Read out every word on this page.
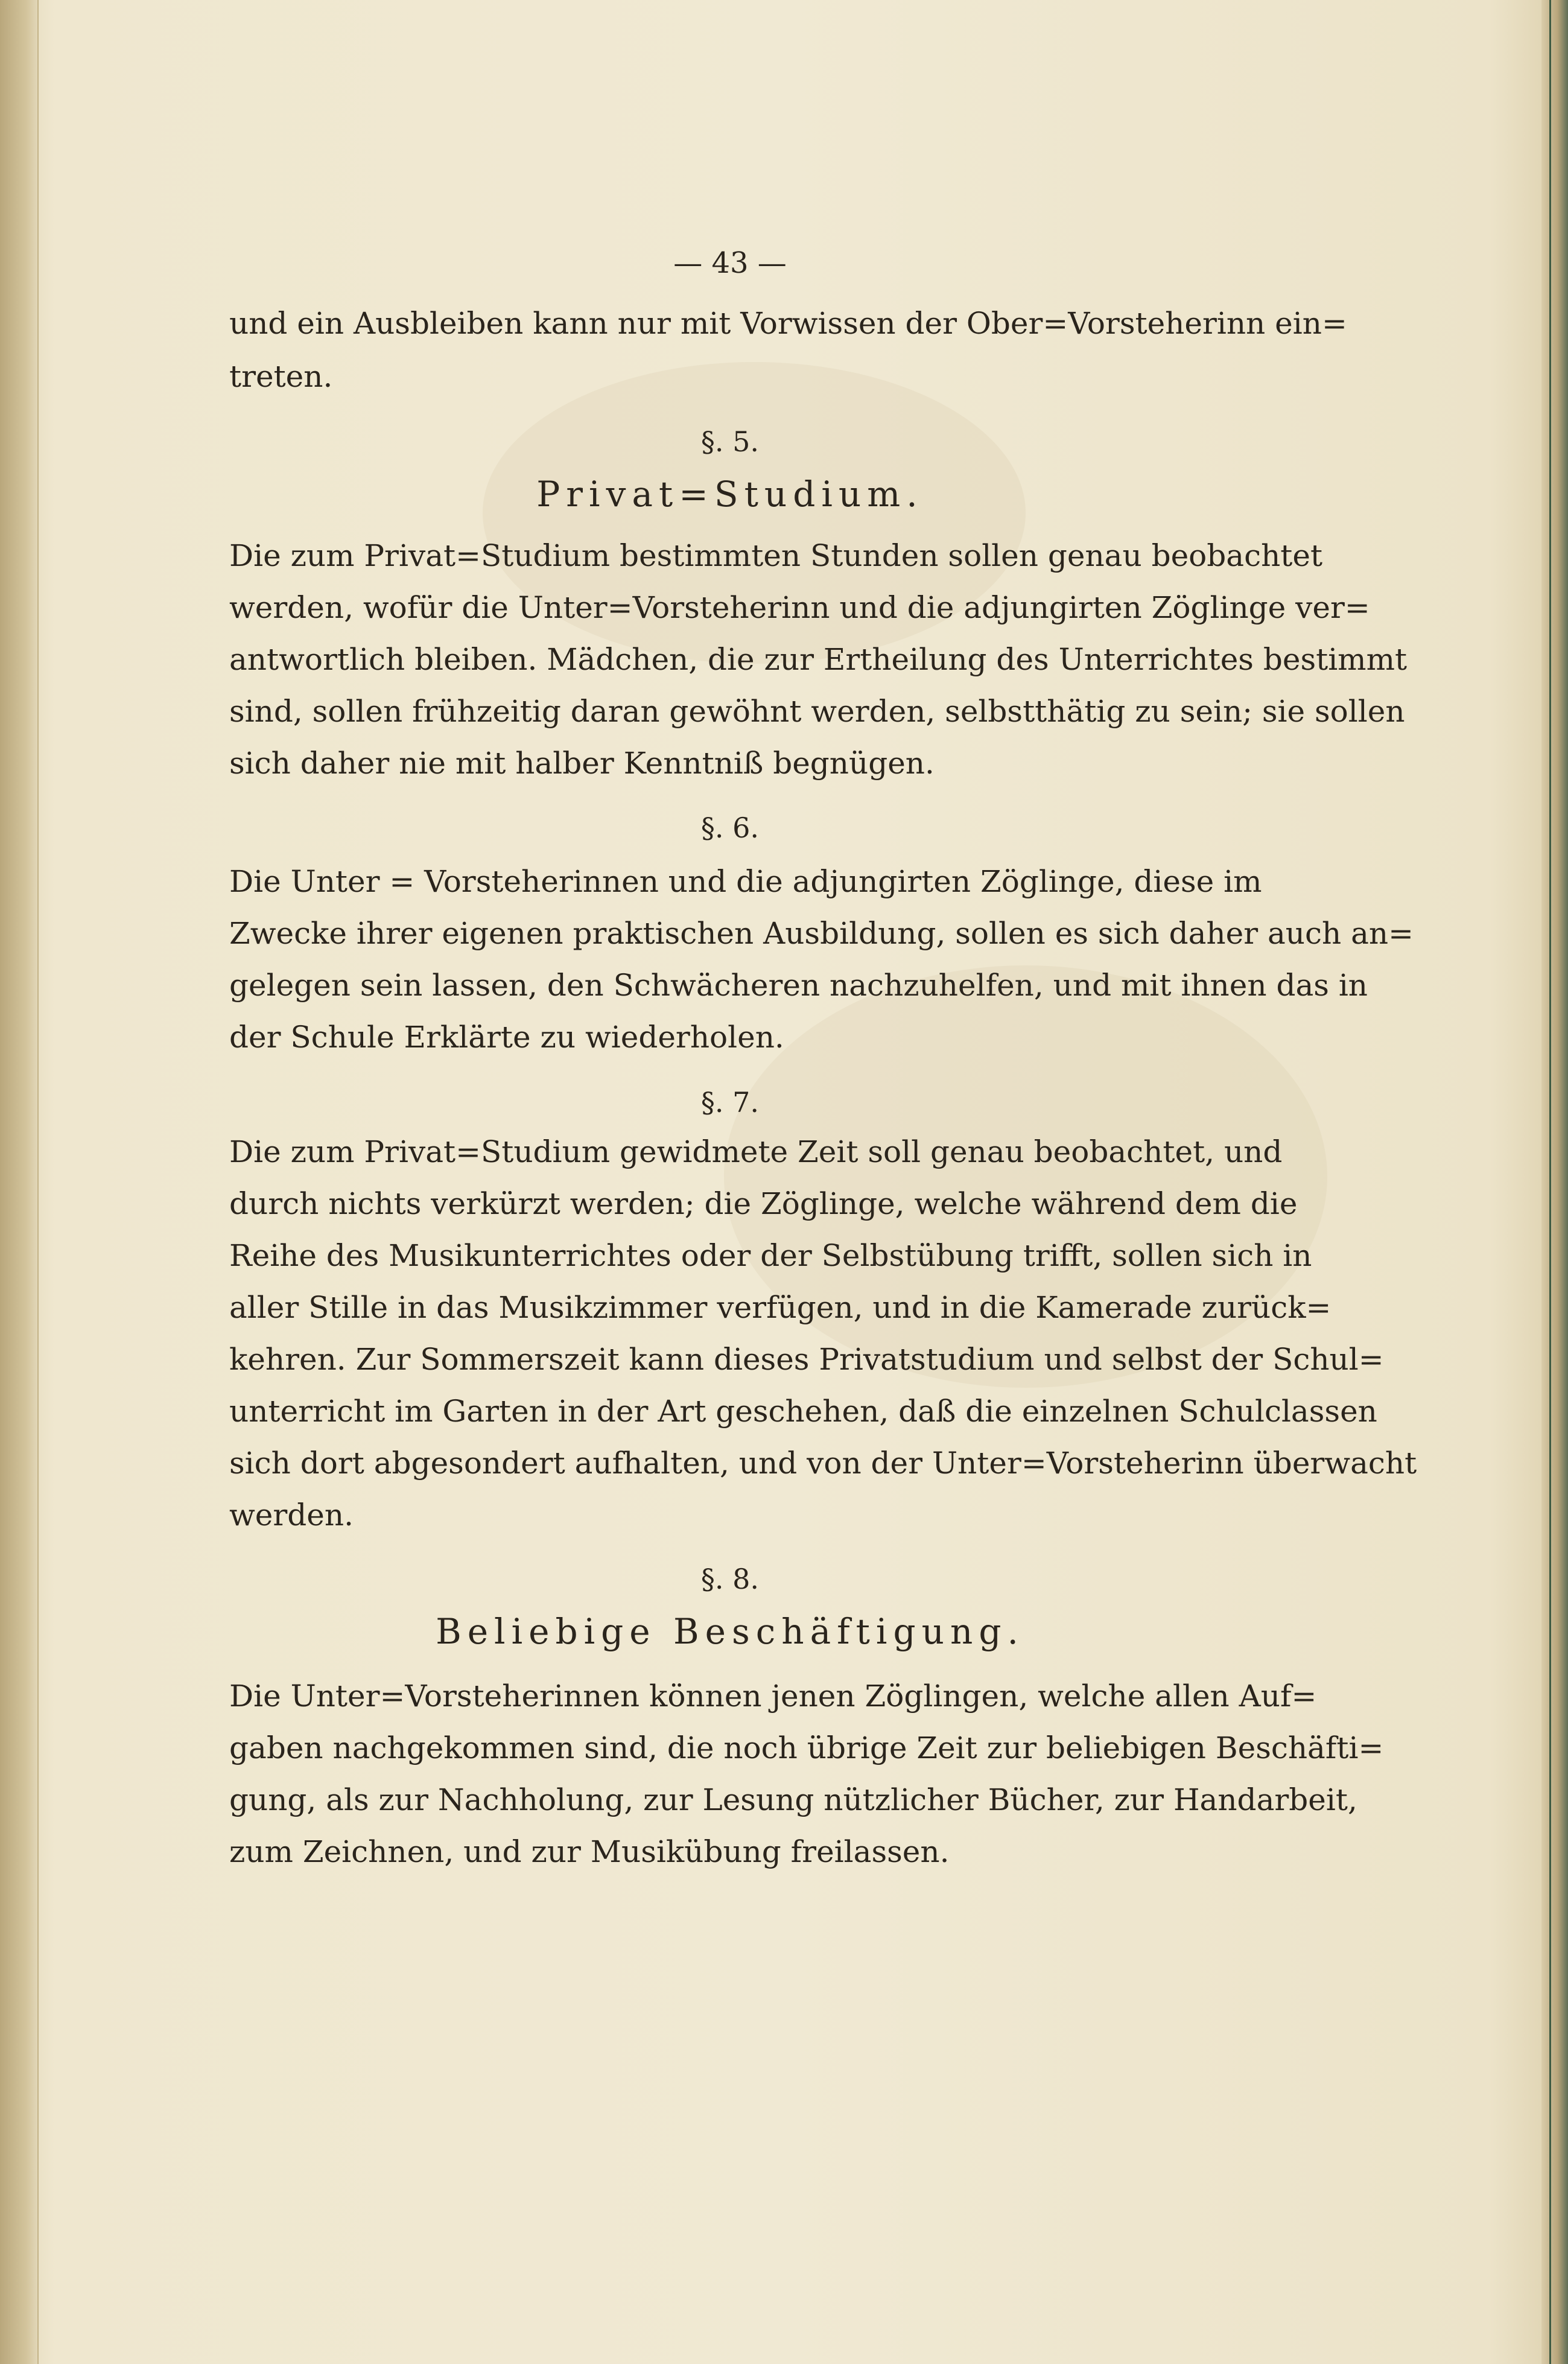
— 43 —
und ein Ausbleiben kann nur mit Vorwissen der Ober=Vorsteherinn ein=
treten.
§. 5.
Privat=Studium.
Die zum Privat=Studium bestimmten Stunden sollen genau beobachtet
werden, wofür die Unter=Vorsteherinn und die adjungirten Zöglinge ver=
antwortlich bleiben. Mädchen, die zur Ertheilung des Unterrichtes bestimmt
sind, sollen frühzeitig daran gewöhnt werden, selbstthätig zu sein; sie sollen
sich daher nie mit halber Kenntniß begnügen.
§. 6.
Die Unter = Vorsteherinnen und die adjungirten Zöglinge, diese im
Zwecke ihrer eigenen praktischen Ausbildung, sollen es sich daher auch an=
gelegen sein lassen, den Schwächeren nachzuhelfen, und mit ihnen das in
der Schule Erklärte zu wiederholen.
§. 7.
Die zum Privat=Studium gewidmete Zeit soll genau beobachtet, und
durch nichts verkürzt werden; die Zöglinge, welche während dem die
Reihe des Musikunterrichtes oder der Selbstübung trifft, sollen sich in
aller Stille in das Musikzimmer verfügen, und in die Kamerade zurück=
kehren. Zur Sommerszeit kann dieses Privatstudium und selbst der Schul=
unterricht im Garten in der Art geschehen, daß die einzelnen Schulclassen
sich dort abgesondert aufhalten, und von der Unter=Vorsteherinn überwacht
werden.
§. 8.
Beliebige Beschäftigung.
Die Unter=Vorsteherinnen können jenen Zöglingen, welche allen Auf=
gaben nachgekommen sind, die noch übrige Zeit zur beliebigen Beschäfti=
gung, als zur Nachholung, zur Lesung nützlicher Bücher, zur Handarbeit,
zum Zeichnen, und zur Musikübung freilassen.
